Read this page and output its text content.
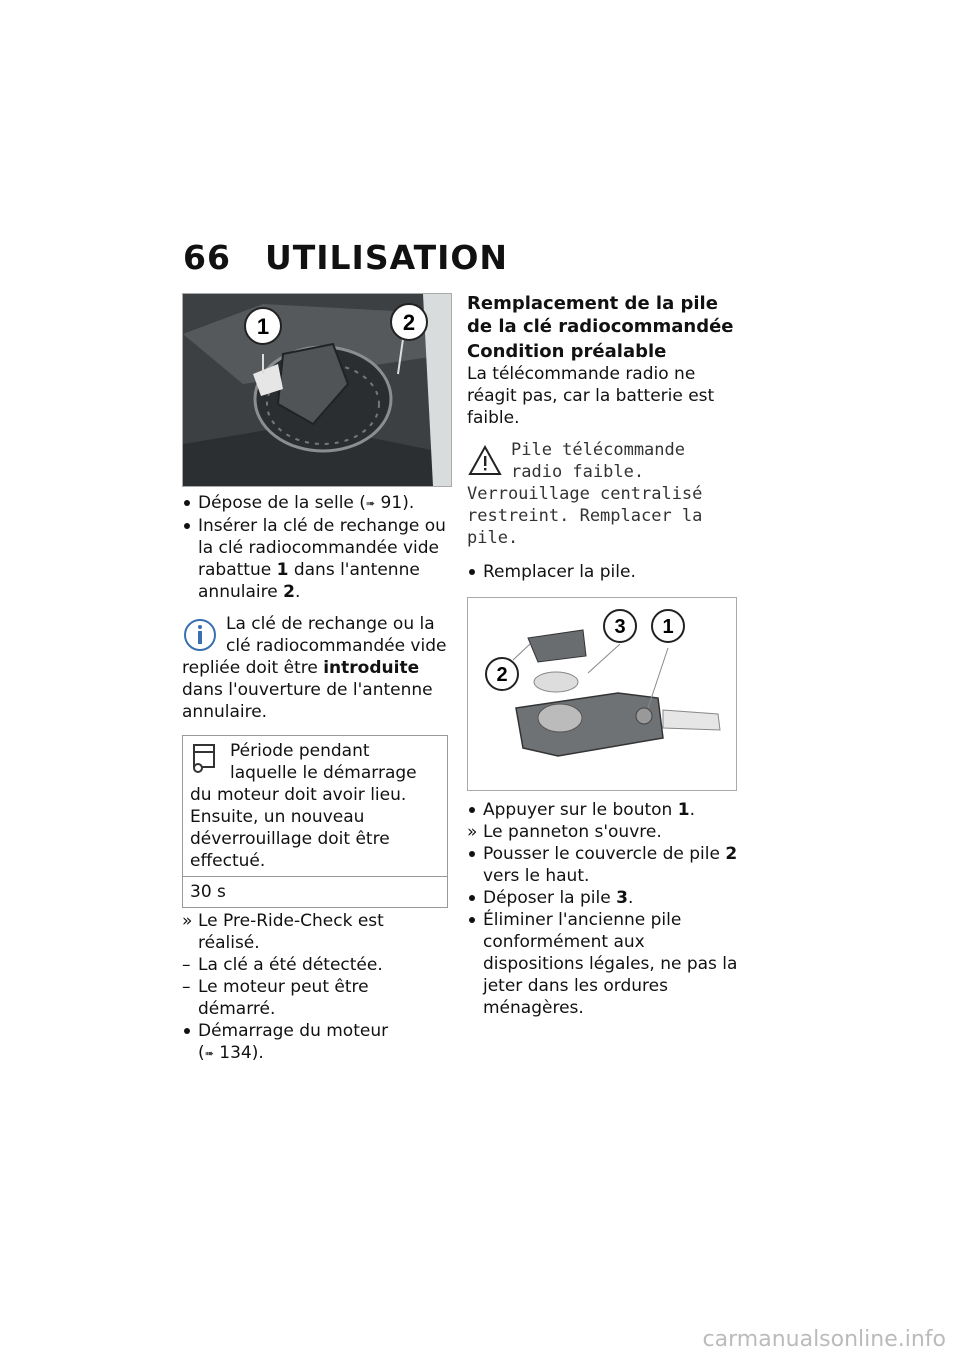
66 UTILISATION
1	2
Dépose de la selle (➠ 91).
Insérer la clé de rechange ou la clé radiocommandée vide rabattue 1 dans l'antenne annulaire 2.
La clé de rechange ou la clé radiocommandée vide repliée doit être introduite dans l'ouverture de l'antenne annulaire.
Période pendant laquelle le démarrage du moteur doit avoir lieu. Ensuite, un nouveau déverrouillage doit être effectué.
30 s
» Le Pre-Ride-Check est réalisé.
– La clé a été détectée.
– Le moteur peut être démarré.
Démarrage du moteur
(➠ 134).
Remplacement de la pile de la clé radiocommandée
Condition préalable
La télécommande radio ne réagit pas, car la batterie est faible.
Pile télécommande radio faible. Verrouillage centralisé restreint. Remplacer la pile.
Remplacer la pile.
2
3 1
Appuyer sur le bouton 1.
» Le panneton s'ouvre.
Pousser le couvercle de pile 2 vers le haut.
Déposer la pile 3.
Éliminer l'ancienne pile conformément aux dispositions légales, ne pas la jeter dans les ordures ménagères.
carmanualsonline.info
